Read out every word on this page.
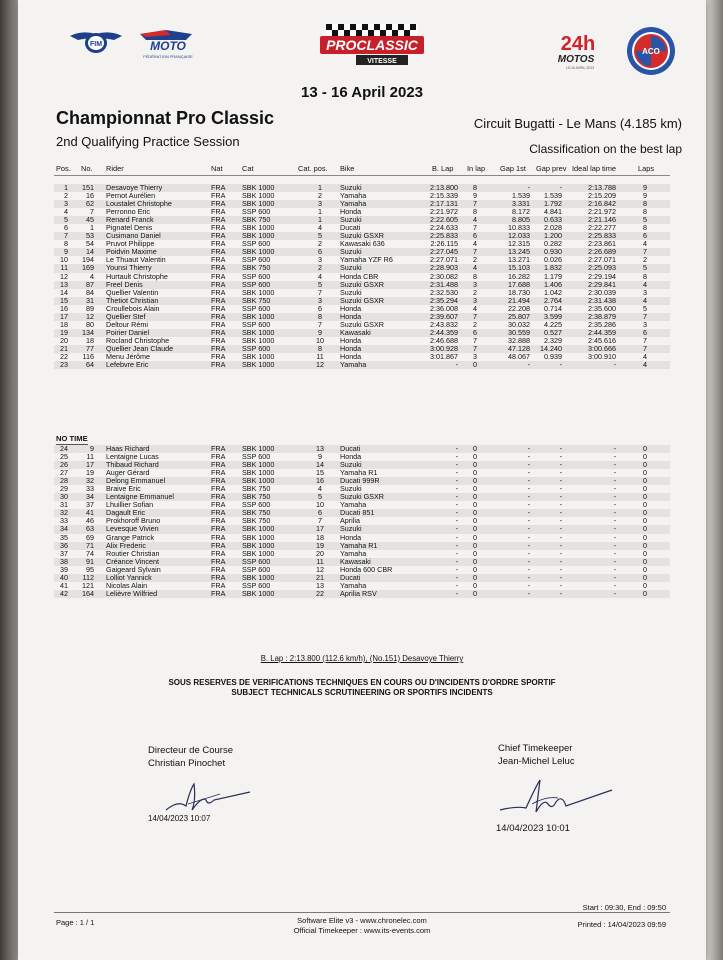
FIM	MOTO
FÉDÉRATION FRANÇAISE
PROCLASSIC
VITESSE
24h
MOTOS
15-16 AVRIL 2023
ACO
13 - 16 April 2023
Championnat Pro Classic	Circuit Bugatti - Le Mans (4.185 km)
2nd Qualifying Practice Session	Classification on the best lap
Pos. No. Rider	Nat	Cat	Cat. pos. Bike	B. Lap In lap Gap 1st Gap prev Ideal lap time	Laps
1	151 Desavoye Thierry	FRA	SBK 1000	1	Suzuki	2:13.800	8	-	-	2:13.788	9
2	16 Pernot Aurélien	FRA	SBK 1000	2	Yamaha	2:15.339	9	1.539	1.539	2:15.209	9
3	62 Loustalet Christophe	FRA	SBK 1000	3	Yamaha	2:17.131	7	3.331	1.792	2:16.842	8
4	7 Perronno Eric	FRA	SSP 600	1	Honda	2:21.972	8	8.172	4.841	2:21.972	8
5	45 Renard Franck	FRA	SBK 750	1	Suzuki	2:22.605	4	8.805	0.633	2:21.146	5
6	1 Pignatel Denis	FRA	SBK 1000	4	Ducati	2:24.633	7	10.833	2.028	2:22.277	8
7	53 Cusimano Daniel	FRA	SBK 1000	5	Suzuki GSXR	2:25.833	6	12.033	1.200	2:25.833	6
8	54 Pruvot Philippe	FRA	SSP 600	2	Kawasaki 636	2:26.115	4	12.315	0.282	2:23.861	4
9	14 Poidvin Maxime	FRA	SBK 1000	6	Suzuki	2:27.045	7	13.245	0.930	2:26.689	7
10	194 Le Thuaut Valentin	FRA	SSP 600	3	Yamaha YZF R6	2:27.071	2	13.271	0.026	2:27.071	2
11	169 Younsi Thierry	FRA	SBK 750	2	Suzuki	2:28.903	4	15.103	1.832	2:25.093	5
12	4 Hurtault Christophe	FRA	SSP 600	4	Honda CBR	2:30.082	8	16.282	1.179	2:29.194	8
13	87 Freel Denis	FRA	SSP 600	5	Suzuki GSXR	2:31.488	3	17.688	1.406	2:29.841	4
14	84 Quellier Valentin	FRA	SBK 1000	7	Suzuki	2:32.530	2	18.730	1.042	2:30.039	3
15	31 Thetiot Christian	FRA	SBK 750	3	Suzuki GSXR	2:35.294	3	21.494	2.764	2:31.438	4
16	89 Croullebois Alain	FRA	SSP 600	6	Honda	2:36.008	4	22.208	0.714	2:35.600	5
17	12 Quellier Stef	FRA	SBK 1000	8	Honda	2:39.607	7	25.807	3.599	2:38.879	7
18	80 Deltour Rémi	FRA	SSP 600	7	Suzuki GSXR	2:43.832	2	30.032	4.225	2:35.286	3
19	134 Poirier Daniel	FRA	SBK 1000	9	Kawasaki	2:44.359	6	30.559	0.527	2:44.359	6
20	18 Rocland Christophe	FRA	SBK 1000	10	Honda	2:46.688	7	32.888	2.329	2:45.616	7
21	77 Quellier Jean Claude	FRA	SSP 600	8	Honda	3:00.928	7	47.128	14.240	3:00.666	7
22	116 Menu Jérôme	FRA	SBK 1000	11	Honda	3:01.867	3	48.067	0.939	3:00.910	4
23	64 Lefebvre Eric	FRA	SBK 1000	12	Yamaha	-	0	-	-	-	4
NO TIME
24	9 Haas Richard	FRA	SBK 1000	13	Ducati	-	0	-	-	-	0
25	11 Lentaigne Lucas	FRA	SSP 600	9	Honda	-	0	-	-	-	0
26	17 Thibaud Richard	FRA	SBK 1000	14	Suzuki	-	0	-	-	-	0
27	19 Auger Gérard	FRA	SBK 1000	15	Yamaha R1	-	0	-	-	-	0
28	32 Delong Emmanuel	FRA	SBK 1000	16	Ducati 999R	-	0	-	-	-	0
29	33 Braive Eric	FRA	SBK 750	4	Suzuki	-	0	-	-	-	0
30	34 Lentaigne Emmanuel	FRA	SBK 750	5	Suzuki GSXR	-	0	-	-	-	0
31	37 Lhuillier Sofian	FRA	SSP 600	10	Yamaha	-	0	-	-	-	0
32	41 Dagault Eric	FRA	SBK 750	6	Ducati 851	-	0	-	-	-	0
33	46 Prokhoroff Bruno	FRA	SBK 750	7	Aprilia	-	0	-	-	-	0
34	63 Levesque Vivien	FRA	SBK 1000	17	Suzuki	-	0	-	-	-	0
35	69 Grange Patrick	FRA	SBK 1000	18	Honda	-	0	-	-	-	0
36	71 Alix Frederic	FRA	SBK 1000	19	Yamaha R1	-	0	-	-	-	0
37	74 Routier Christian	FRA	SBK 1000	20	Yamaha	-	0	-	-	-	0
38	91 Créance Vincent	FRA	SSP 600	11	Kawasaki	-	0	-	-	-	0
39	95 Gaigeard Sylvain	FRA	SSP 600	12	Honda 600 CBR	-	0	-	-	-	0
40	112 Lolliot Yannick	FRA	SBK 1000	21	Ducati	-	0	-	-	-	0
41	121 Nicolas Alain	FRA	SSP 600	13	Yamaha	-	0	-	-	-	0
42	164 Lelièvre Wilfried	FRA	SBK 1000	22	Aprilia RSV	-	0	-	-	-	0
B. Lap : 2:13.800 (112.6 km/h), (No.151) Desavoye Thierry
SOUS RESERVES DE VERIFICATIONS TECHNIQUES EN COURS OU D'INCIDENTS D'ORDRE SPORTIF
SUBJECT TECHNICALS SCRUTINEERING OR SPORTIFS INCIDENTS
Directeur de Course
Christian Pinochet
14/04/2023 10:07
Chief Timekeeper
Jean-Michel Leluc
14/04/2023 10:01
Start : 09:30, End : 09:50
Page : 1 / 1	Software Elite v3 - www.chronelec.com
Official Timekeeper : www.its-events.com
Printed : 14/04/2023 09:59
